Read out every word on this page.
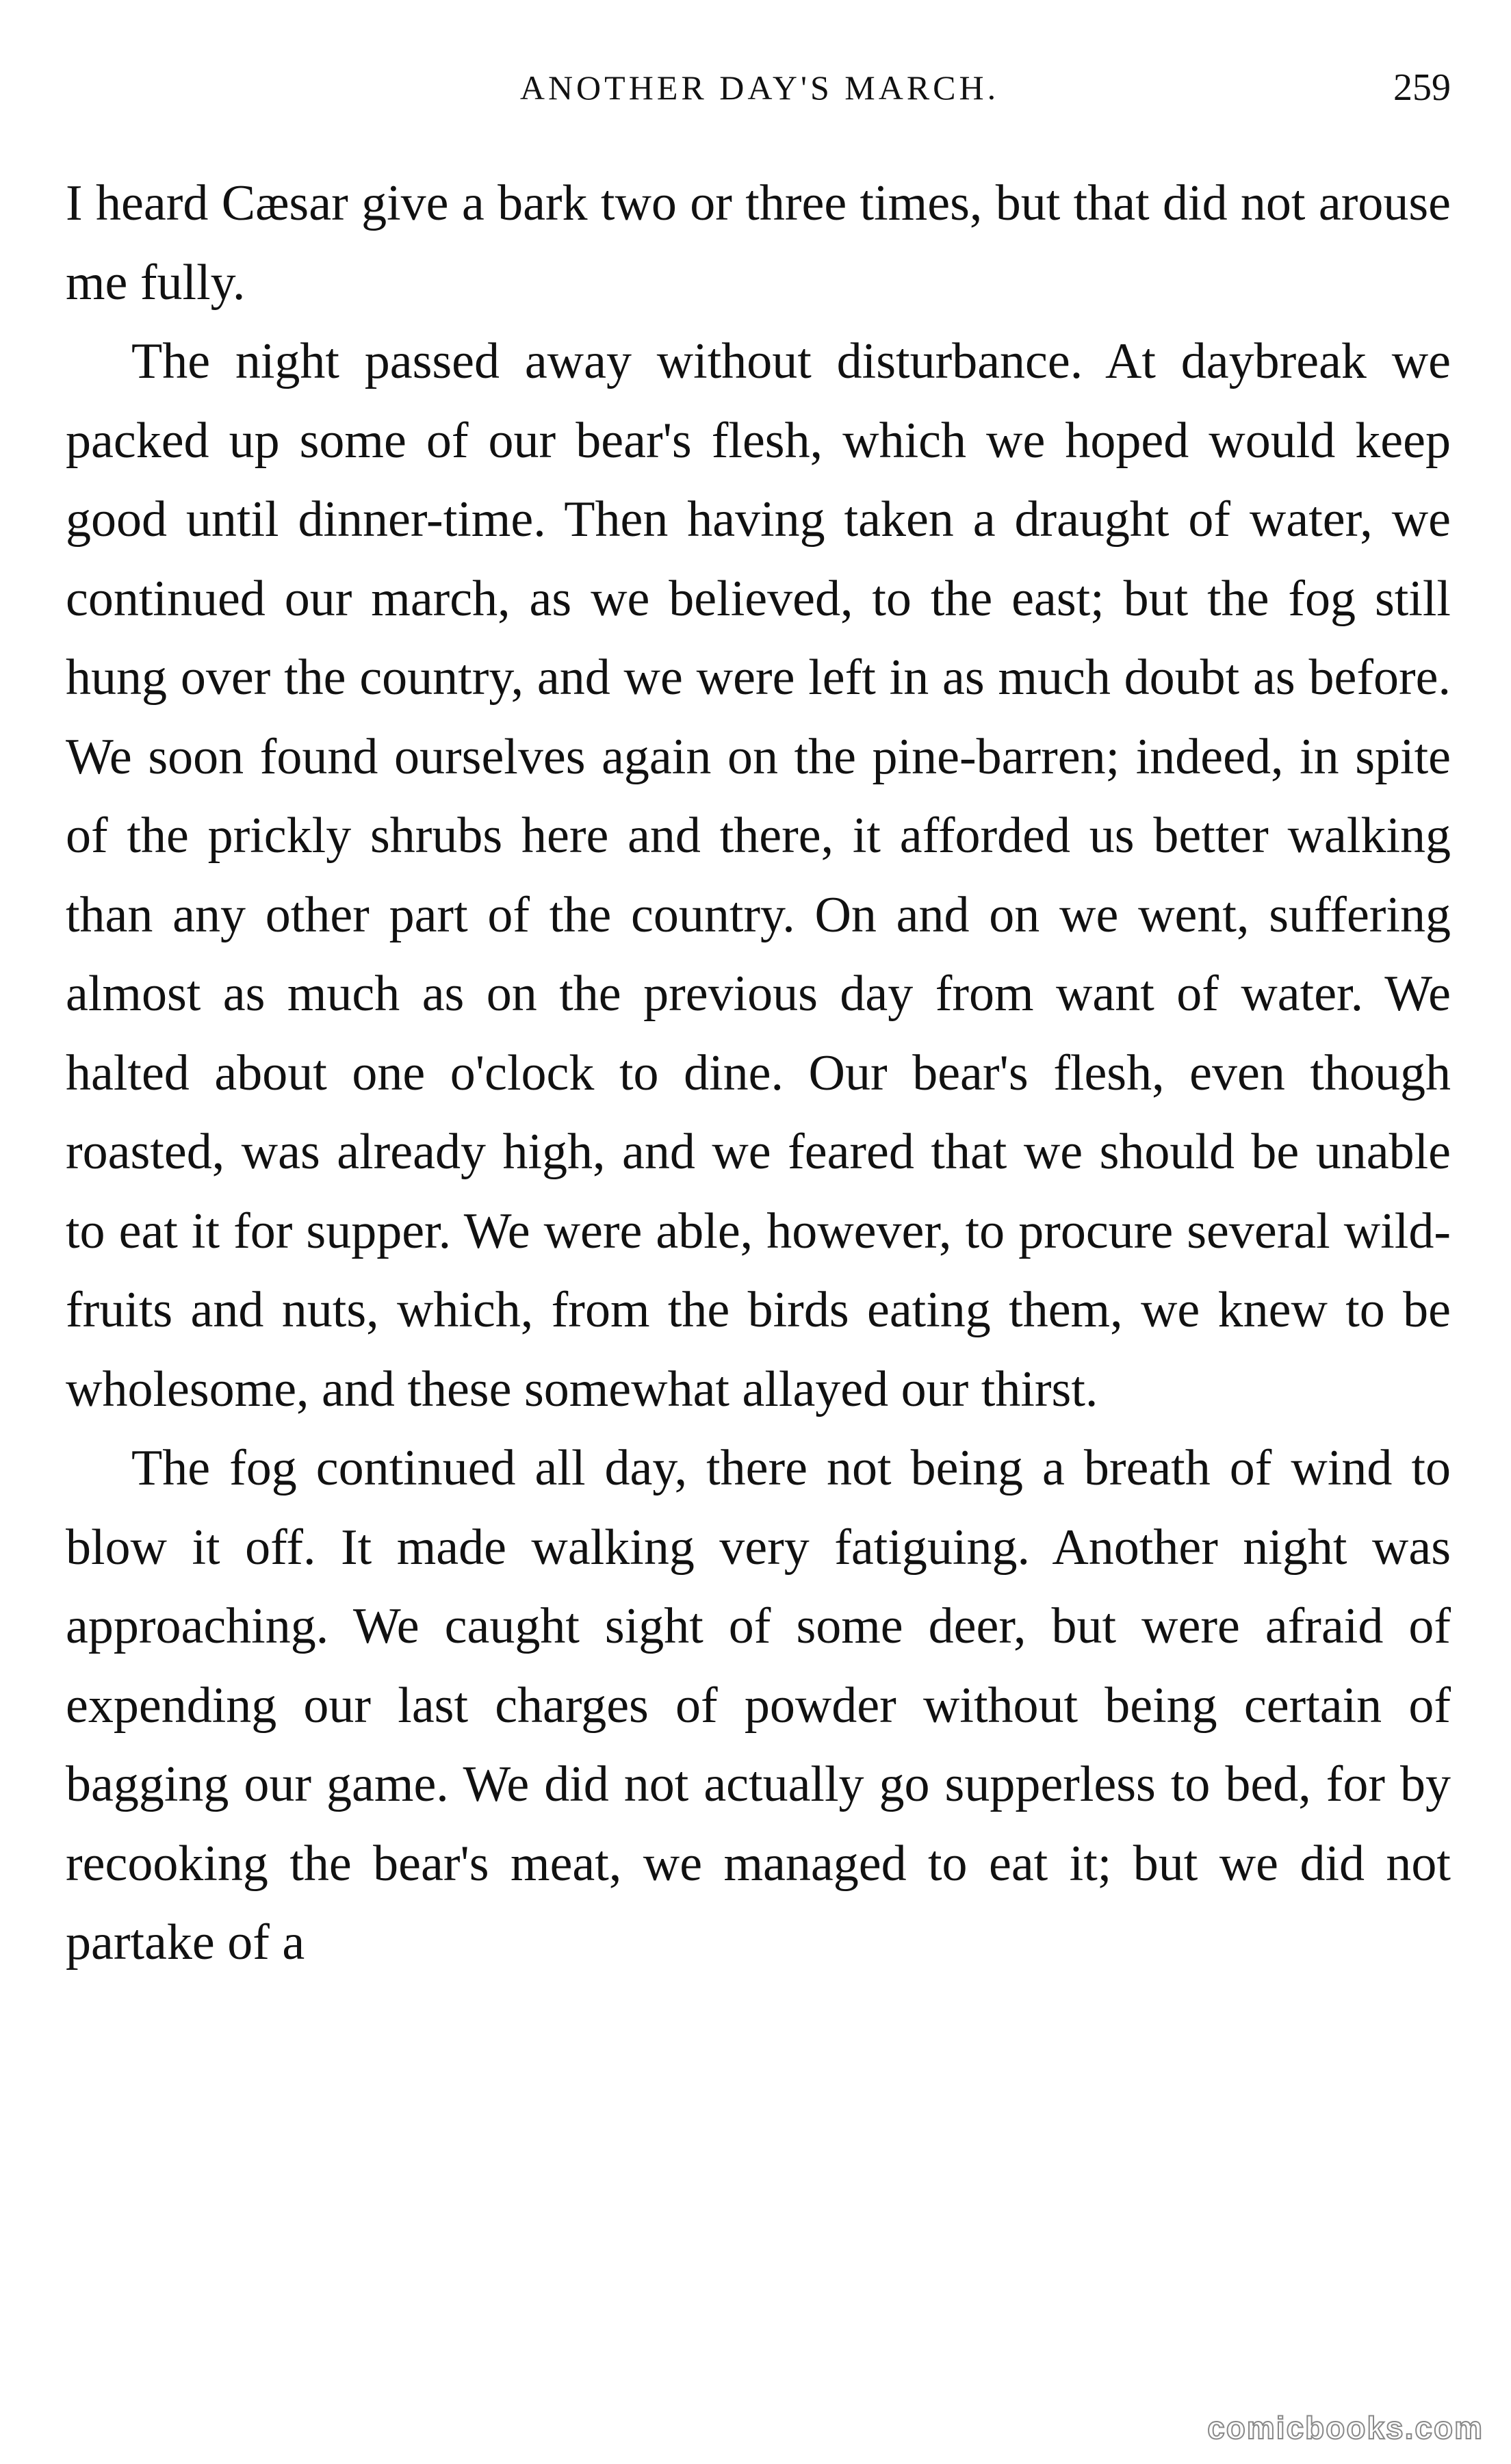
ANOTHER DAY'S MARCH.	259

I heard Cæsar give a bark two or three times, but that did not arouse me fully.

The night passed away without disturbance. At daybreak we packed up some of our bear's flesh, which we hoped would keep good until dinner-time. Then having taken a draught of water, we continued our march, as we believed, to the east; but the fog still hung over the country, and we were left in as much doubt as before. We soon found ourselves again on the pine-barren; indeed, in spite of the prickly shrubs here and there, it afforded us better walking than any other part of the country. On and on we went, suffering almost as much as on the previous day from want of water. We halted about one o'clock to dine. Our bear's flesh, even though roasted, was already high, and we feared that we should be unable to eat it for supper. We were able, however, to procure several wild-fruits and nuts, which, from the birds eating them, we knew to be wholesome, and these somewhat allayed our thirst.

The fog continued all day, there not being a breath of wind to blow it off. It made walking very fatiguing. Another night was approaching. We caught sight of some deer, but were afraid of expending our last charges of powder without being certain of bagging our game. We did not actually go supperless to bed, for by recooking the bear's meat, we managed to eat it; but we did not partake of a

comicbooks.com
